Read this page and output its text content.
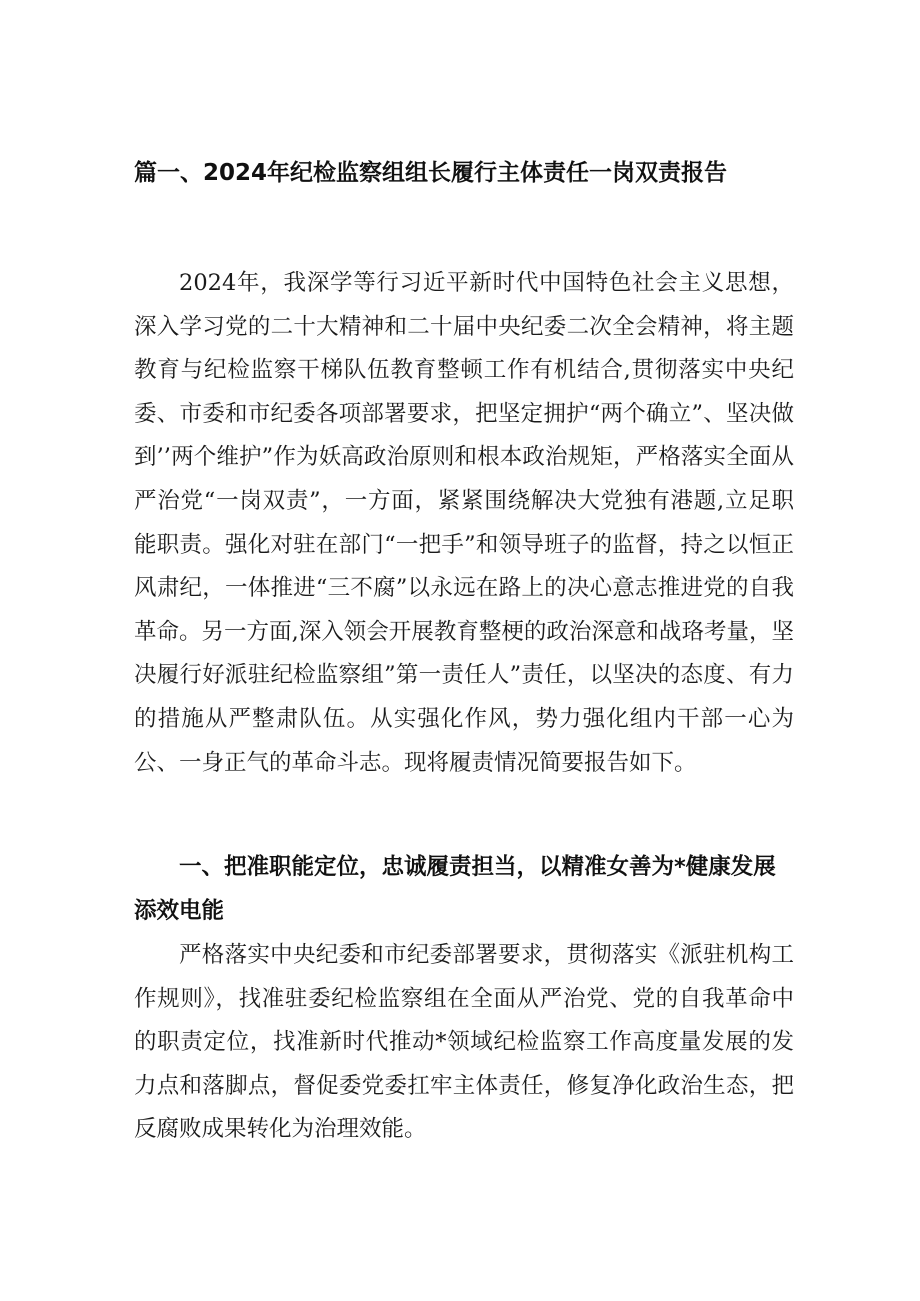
篇一、2024年纪检监察组组长履行主体责任一岗双责报告

2024年，我深学等行习近平新时代中国特色社会主义思想，深入学习党的二十大精神和二十届中央纪委二次全会精神，将主题教育与纪检监察干梯队伍教育整顿工作有机结合,贯彻落实中央纪委、市委和市纪委各项部署要求，把坚定拥护“两个确立”、坚决做到’’两个维护”作为妖高政治原则和根本政治规矩，严格落实全面从严治党“一岗双责”，一方面，紧紧围绕解决大党独有港题,立足职能职责。强化对驻在部门“一把手”和领导班子的监督，持之以恒正风肃纪，一体推进“三不腐”以永远在路上的决心意志推进党的自我革命。另一方面,深入领会开展教育整梗的政治深意和战珞考量，坚决履行好派驻纪检监察组”第一责任人”责任，以坚决的态度、有力的措施从严整肃队伍。从实强化作风，势力强化组内干部一心为公、一身正气的革命斗志。现将履责情况简要报告如下。

一、把准职能定位，忠诚履责担当，以精准女善为*健康发展添效电能

严格落实中央纪委和市纪委部署要求，贯彻落实《派驻机构工作规则》，找准驻委纪检监察组在全面从严治党、党的自我革命中的职责定位，找准新时代推动*领域纪检监察工作高度量发展的发力点和落脚点，督促委党委扛牢主体责任，修复净化政治生态，把反腐败成果转化为治理效能。
